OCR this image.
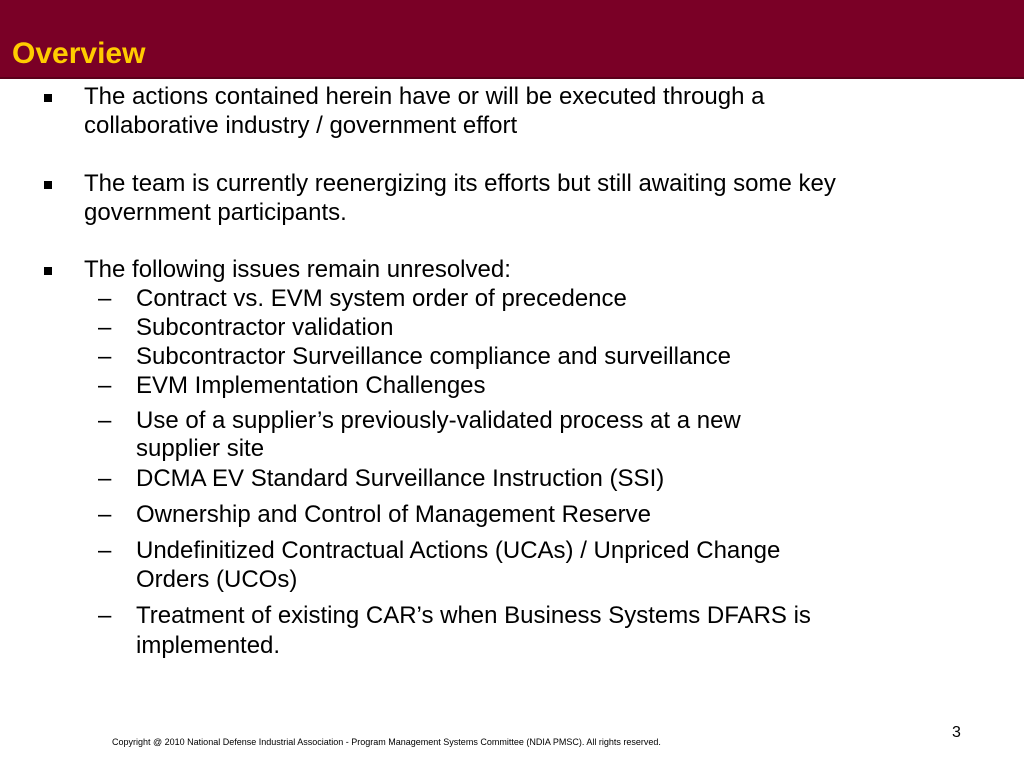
Overview
The actions contained herein have or will be executed through a
collaborative industry / government effort
The team is currently reenergizing its efforts but still awaiting some key
government participants.
The following issues remain unresolved:
– Contract vs. EVM system order of precedence
– Subcontractor validation
– Subcontractor Surveillance compliance and surveillance
– EVM Implementation Challenges
– Use of a supplier’s previously-validated process at a new
supplier site
– DCMA EV Standard Surveillance Instruction (SSI)
– Ownership and Control of Management Reserve
– Undefinitized Contractual Actions (UCAs) / Unpriced Change
Orders (UCOs)
– Treatment of existing CAR’s when Business Systems DFARS is
implemented.
Copyright @ 2010 National Defense Industrial Association - Program Management Systems Committee (NDIA PMSC). All rights reserved.
3
